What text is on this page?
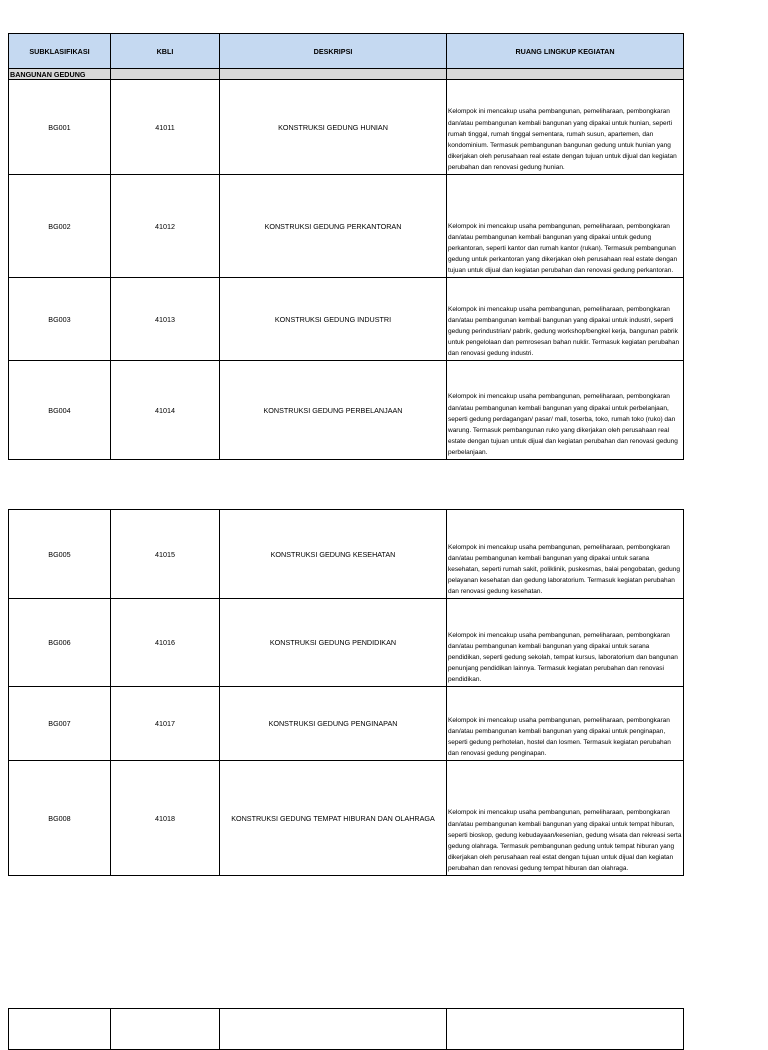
SUBKLASIFIKASI	KBLI	DESKRIPSI	RUANG LINGKUP KEGIATAN
BANGUNAN GEDUNG			
BG001	41011	KONSTRUKSI GEDUNG HUNIAN	Kelompok ini mencakup usaha pembangunan, pemeliharaan, pembongkaran dan/atau pembangunan kembali bangunan yang dipakai untuk hunian, seperti rumah tinggal, rumah tinggal sementara, rumah susun, apartemen, dan kondominium. Termasuk pembangunan bangunan gedung untuk hunian yang dikerjakan oleh perusahaan real estate dengan tujuan untuk dijual dan kegiatan perubahan dan renovasi gedung hunian.
BG002	41012	KONSTRUKSI GEDUNG PERKANTORAN	Kelompok ini mencakup usaha pembangunan, pemeliharaan, pembongkaran dan/atau pembangunan kembali bangunan yang dipakai untuk gedung perkantoran, seperti kantor dan rumah kantor (rukan). Termasuk pembangunan gedung untuk perkantoran yang dikerjakan oleh perusahaan real estate dengan tujuan untuk dijual dan kegiatan perubahan dan renovasi gedung perkantoran.
BG003	41013	KONSTRUKSI GEDUNG INDUSTRI	Kelompok ini mencakup usaha pembangunan, pemeliharaan, pembongkaran dan/atau pembangunan kembali bangunan yang dipakai untuk industri, seperti gedung perindustrian/ pabrik, gedung workshop/bengkel kerja, bangunan pabrik untuk pengelolaan dan pemrosesan bahan nuklir. Termasuk kegiatan perubahan dan renovasi gedung industri.
BG004	41014	KONSTRUKSI GEDUNG PERBELANJAAN	Kelompok ini mencakup usaha pembangunan, pemeliharaan, pembongkaran dan/atau pembangunan kembali bangunan yang dipakai untuk perbelanjaan, seperti gedung perdagangan/ pasar/ mall, toserba, toko, rumah toko (ruko) dan warung. Termasuk pembangunan ruko yang dikerjakan oleh perusahaan real estate dengan tujuan untuk dijual dan kegiatan perubahan dan renovasi gedung perbelanjaan.
BG005	41015	KONSTRUKSI GEDUNG KESEHATAN	Kelompok ini mencakup usaha pembangunan, pemeliharaan, pembongkaran dan/atau pembangunan kembali bangunan yang dipakai untuk sarana kesehatan, seperti rumah sakit, poliklinik, puskesmas, balai pengobatan, gedung pelayanan kesehatan dan gedung laboratorium. Termasuk kegiatan perubahan dan renovasi gedung kesehatan.
BG006	41016	KONSTRUKSI GEDUNG PENDIDIKAN	Kelompok ini mencakup usaha pembangunan, pemeliharaan, pembongkaran dan/atau pembangunan kembali bangunan yang dipakai untuk sarana pendidikan, seperti gedung sekolah, tempat kursus, laboratorium dan bangunan penunjang pendidikan lainnya. Termasuk kegiatan perubahan dan renovasi pendidikan.
BG007	41017	KONSTRUKSI GEDUNG PENGINAPAN	Kelompok ini mencakup usaha pembangunan, pemeliharaan, pembongkaran dan/atau pembangunan kembali bangunan yang dipakai untuk penginapan, seperti gedung perhotelan, hostel dan losmen. Termasuk kegiatan perubahan dan renovasi gedung penginapan.
BG008	41018	KONSTRUKSI GEDUNG TEMPAT HIBURAN DAN OLAHRAGA	Kelompok ini mencakup usaha pembangunan, pemeliharaan, pembongkaran dan/atau pembangunan kembali bangunan yang dipakai untuk tempat hiburan, seperti bioskop, gedung kebudayaan/kesenian, gedung wisata dan rekreasi serta gedung olahraga. Termasuk pembangunan gedung untuk tempat hiburan yang dikerjakan oleh perusahaan real estat dengan tujuan untuk dijual dan kegiatan perubahan dan renovasi gedung tempat hiburan dan olahraga.
